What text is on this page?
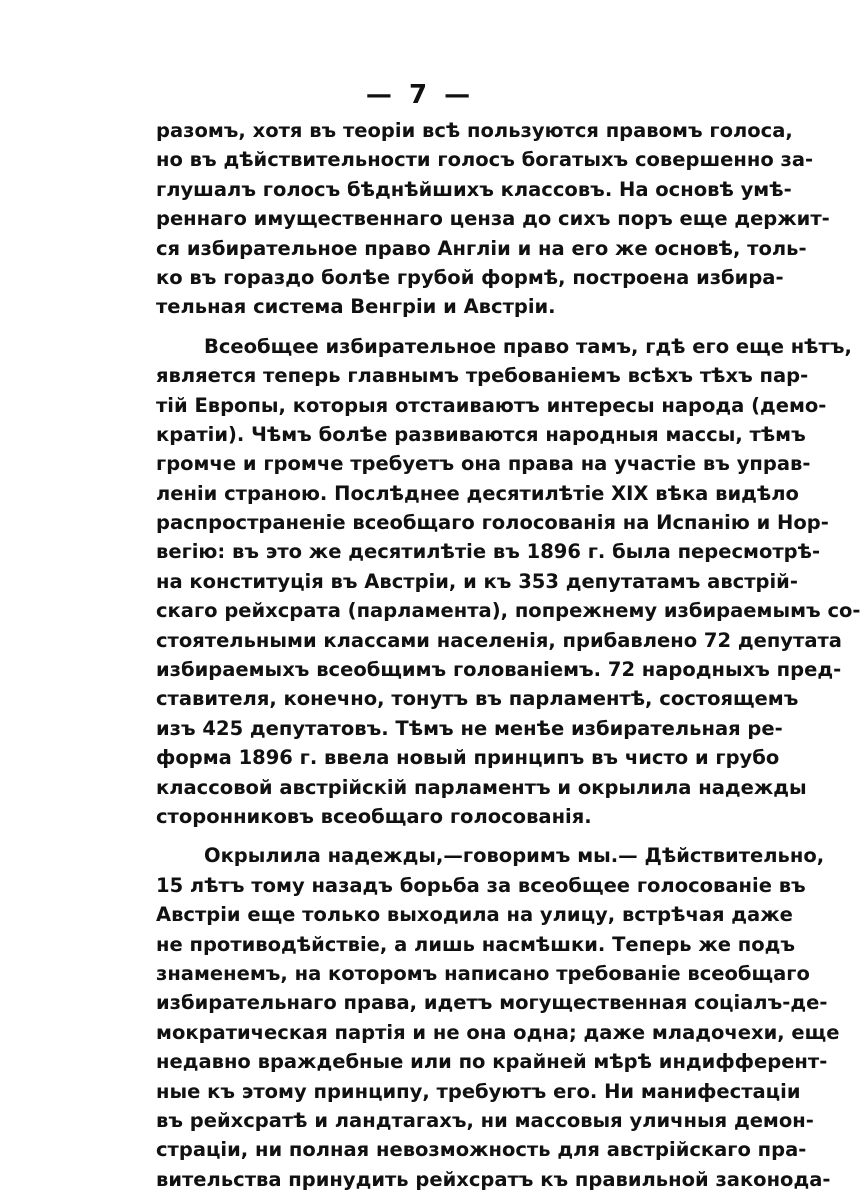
— 7 —

разомъ, хотя въ теоріи всѣ пользуются правомъ голоса,
но въ дѣйствительности голосъ богатыхъ совершенно за-
глушалъ голосъ бѣднѣйшихъ классовъ. На основѣ умѣ-
реннаго имущественнаго ценза до сихъ поръ еще держит-
ся избирательное право Англіи и на его же основѣ, толь-
ко въ гораздо болѣе грубой формѣ, построена избира-
тельная система Венгріи и Австріи.

Всеобщее избирательное право тамъ, гдѣ его еще нѣтъ,
является теперь главнымъ требованіемъ всѣхъ тѣхъ пар-
тій Европы, которыя отстаиваютъ интересы народа (демо-
кратіи). Чѣмъ болѣе развиваются народныя массы, тѣмъ
громче и громче требуетъ она права на участіе въ управ-
леніи страною. Послѣднее десятилѣтіе XIX вѣка видѣло
распространеніе всеобщаго голосованія на Испанію и Нор-
вегію: въ это же десятилѣтіе въ 1896 г. была пересмотрѣ-
на конституція въ Австріи, и къ 353 депутатамъ австрій-
скаго рейхсрата (парламента), попрежнему избираемымъ со-
стоятельными классами населенія, прибавлено 72 депутата
избираемыхъ всеобщимъ голованіемъ. 72 народныхъ пред-
ставителя, конечно, тонутъ въ парламентѣ, состоящемъ
изъ 425 депутатовъ. Тѣмъ не менѣе избирательная ре-
форма 1896 г. ввела новый принципъ въ чисто и грубо
классовой австрійскій парламентъ и окрылила надежды
сторонниковъ всеобщаго голосованія.

Окрылила надежды,—говоримъ мы.— Дѣйствительно,
15 лѣтъ тому назадъ борьба за всеобщее голосованіе въ
Австріи еще только выходила на улицу, встрѣчая даже
не противодѣйствіе, а лишь насмѣшки. Теперь же подъ
знаменемъ, на которомъ написано требованіе всеобщаго
избирательнаго права, идетъ могущественная соціалъ-де-
мократическая партія и не она одна; даже младочехи, еще
недавно враждебные или по крайней мѣрѣ индифферент-
ные къ этому принципу, требуютъ его. Ни манифестаціи
въ рейхсратѣ и ландтагахъ, ни массовыя уличныя демон-
страціи, ни полная невозможность для австрійскаго пра-
вительства принудить рейхсратъ къ правильной законода-
